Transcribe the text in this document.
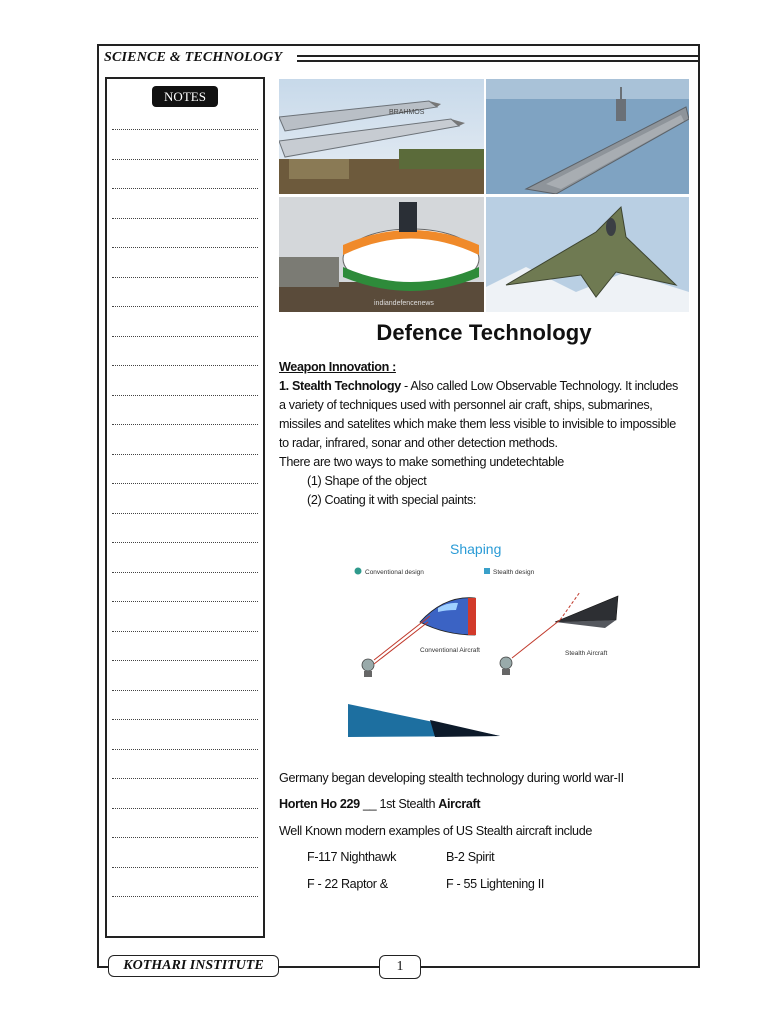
SCIENCE & TECHNOLOGY
NOTES
BRAHMOS
indiandefencenews
Defence Technology
Weapon Innovation :
1. Stealth Technology - Also called Low Observable Technology. It includes
a variety of techniques used with personnel air craft, ships, submarines,
missiles and satelites which make them less visible to invisible to impossible
to radar, infrared, sonar and other detection methods.
There are two ways to make something undetechtable
(1) Shape of the object
(2) Coating it with special paints:
Shaping
Conventional design	Stealth design
Conventional Aircraft	Stealth Aircraft
Germany began developing stealth technology during world war-II
Horten Ho 229 __ 1st Stealth Aircraft
Well Known modern examples of US Stealth aircraft include
F-117 Nighthawk	B-2 Spirit
F - 22 Raptor &	F - 55 Lightening II
KOTHARI INSTITUTE	1
